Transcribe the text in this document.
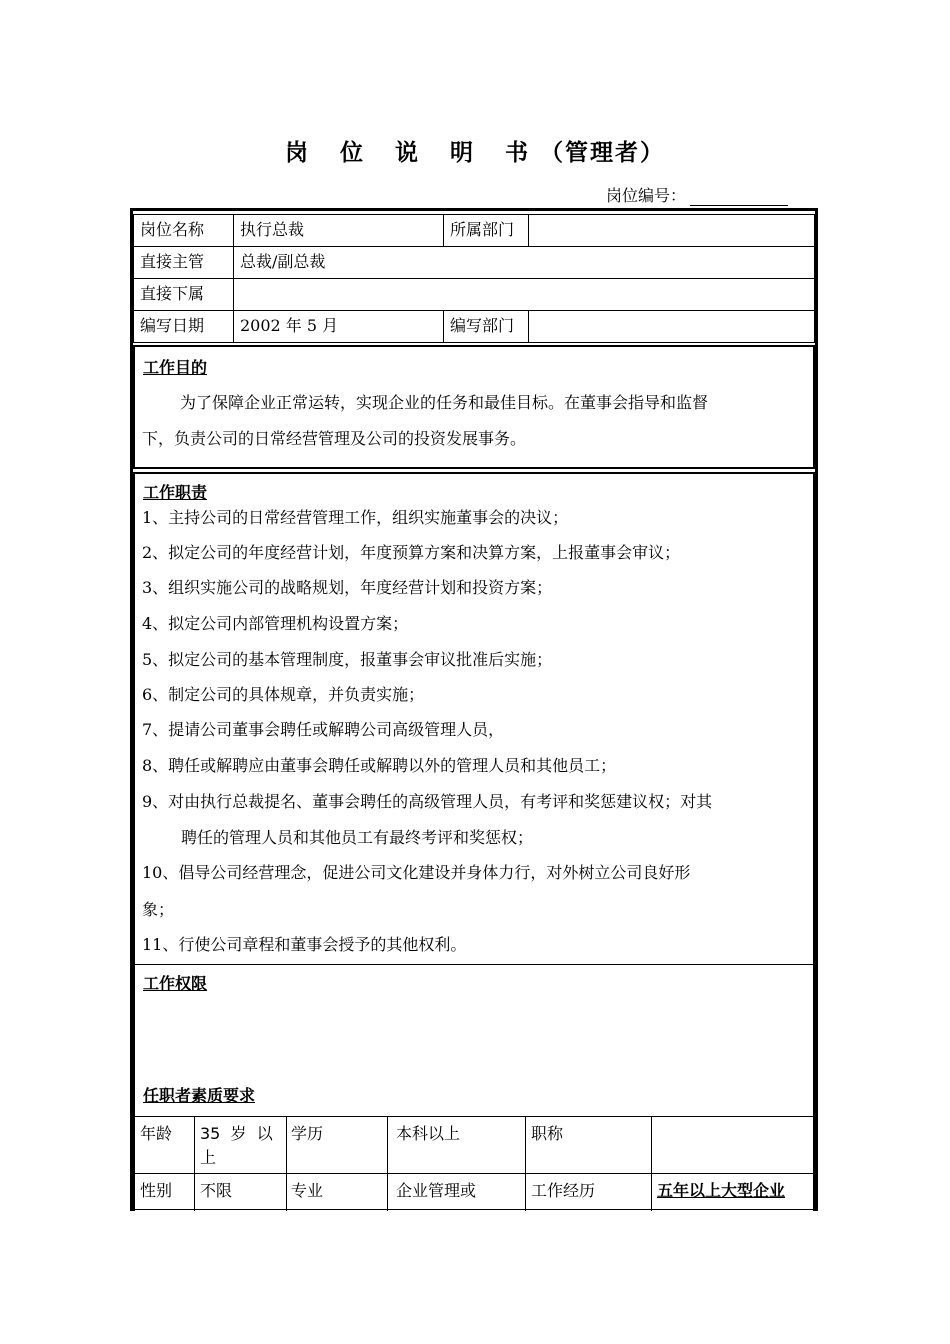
岗 位 说 明 书（管理者）
岗位编号：
岗位名称	执行总裁	所属部门
直接主管	总裁/副总裁
直接下属
编写日期	2002 年 5 月	编写部门
工作目的
为了保障企业正常运转，实现企业的任务和最佳目标。在董事会指导和监督
下，负责公司的日常经营管理及公司的投资发展事务。
工作职责
1、主持公司的日常经营管理工作，组织实施董事会的决议；
2、拟定公司的年度经营计划，年度预算方案和决算方案，上报董事会审议；
3、组织实施公司的战略规划，年度经营计划和投资方案；
4、拟定公司内部管理机构设置方案；
5、拟定公司的基本管理制度，报董事会审议批准后实施；
6、制定公司的具体规章，并负责实施；
7、提请公司董事会聘任或解聘公司高级管理人员，
8、聘任或解聘应由董事会聘任或解聘以外的管理人员和其他员工；
9、对由执行总裁提名、董事会聘任的高级管理人员，有考评和奖惩建议权；对其
聘任的管理人员和其他员工有最终考评和奖惩权；
10、倡导公司经营理念，促进公司文化建设并身体力行，对外树立公司良好形
象；
11、行使公司章程和董事会授予的其他权利。
工作权限
任职者素质要求
年龄 35  岁  以
上
学历	本科以上	职称
性别 不限	专业	企业管理或	工作经历	五年以上大型企业
